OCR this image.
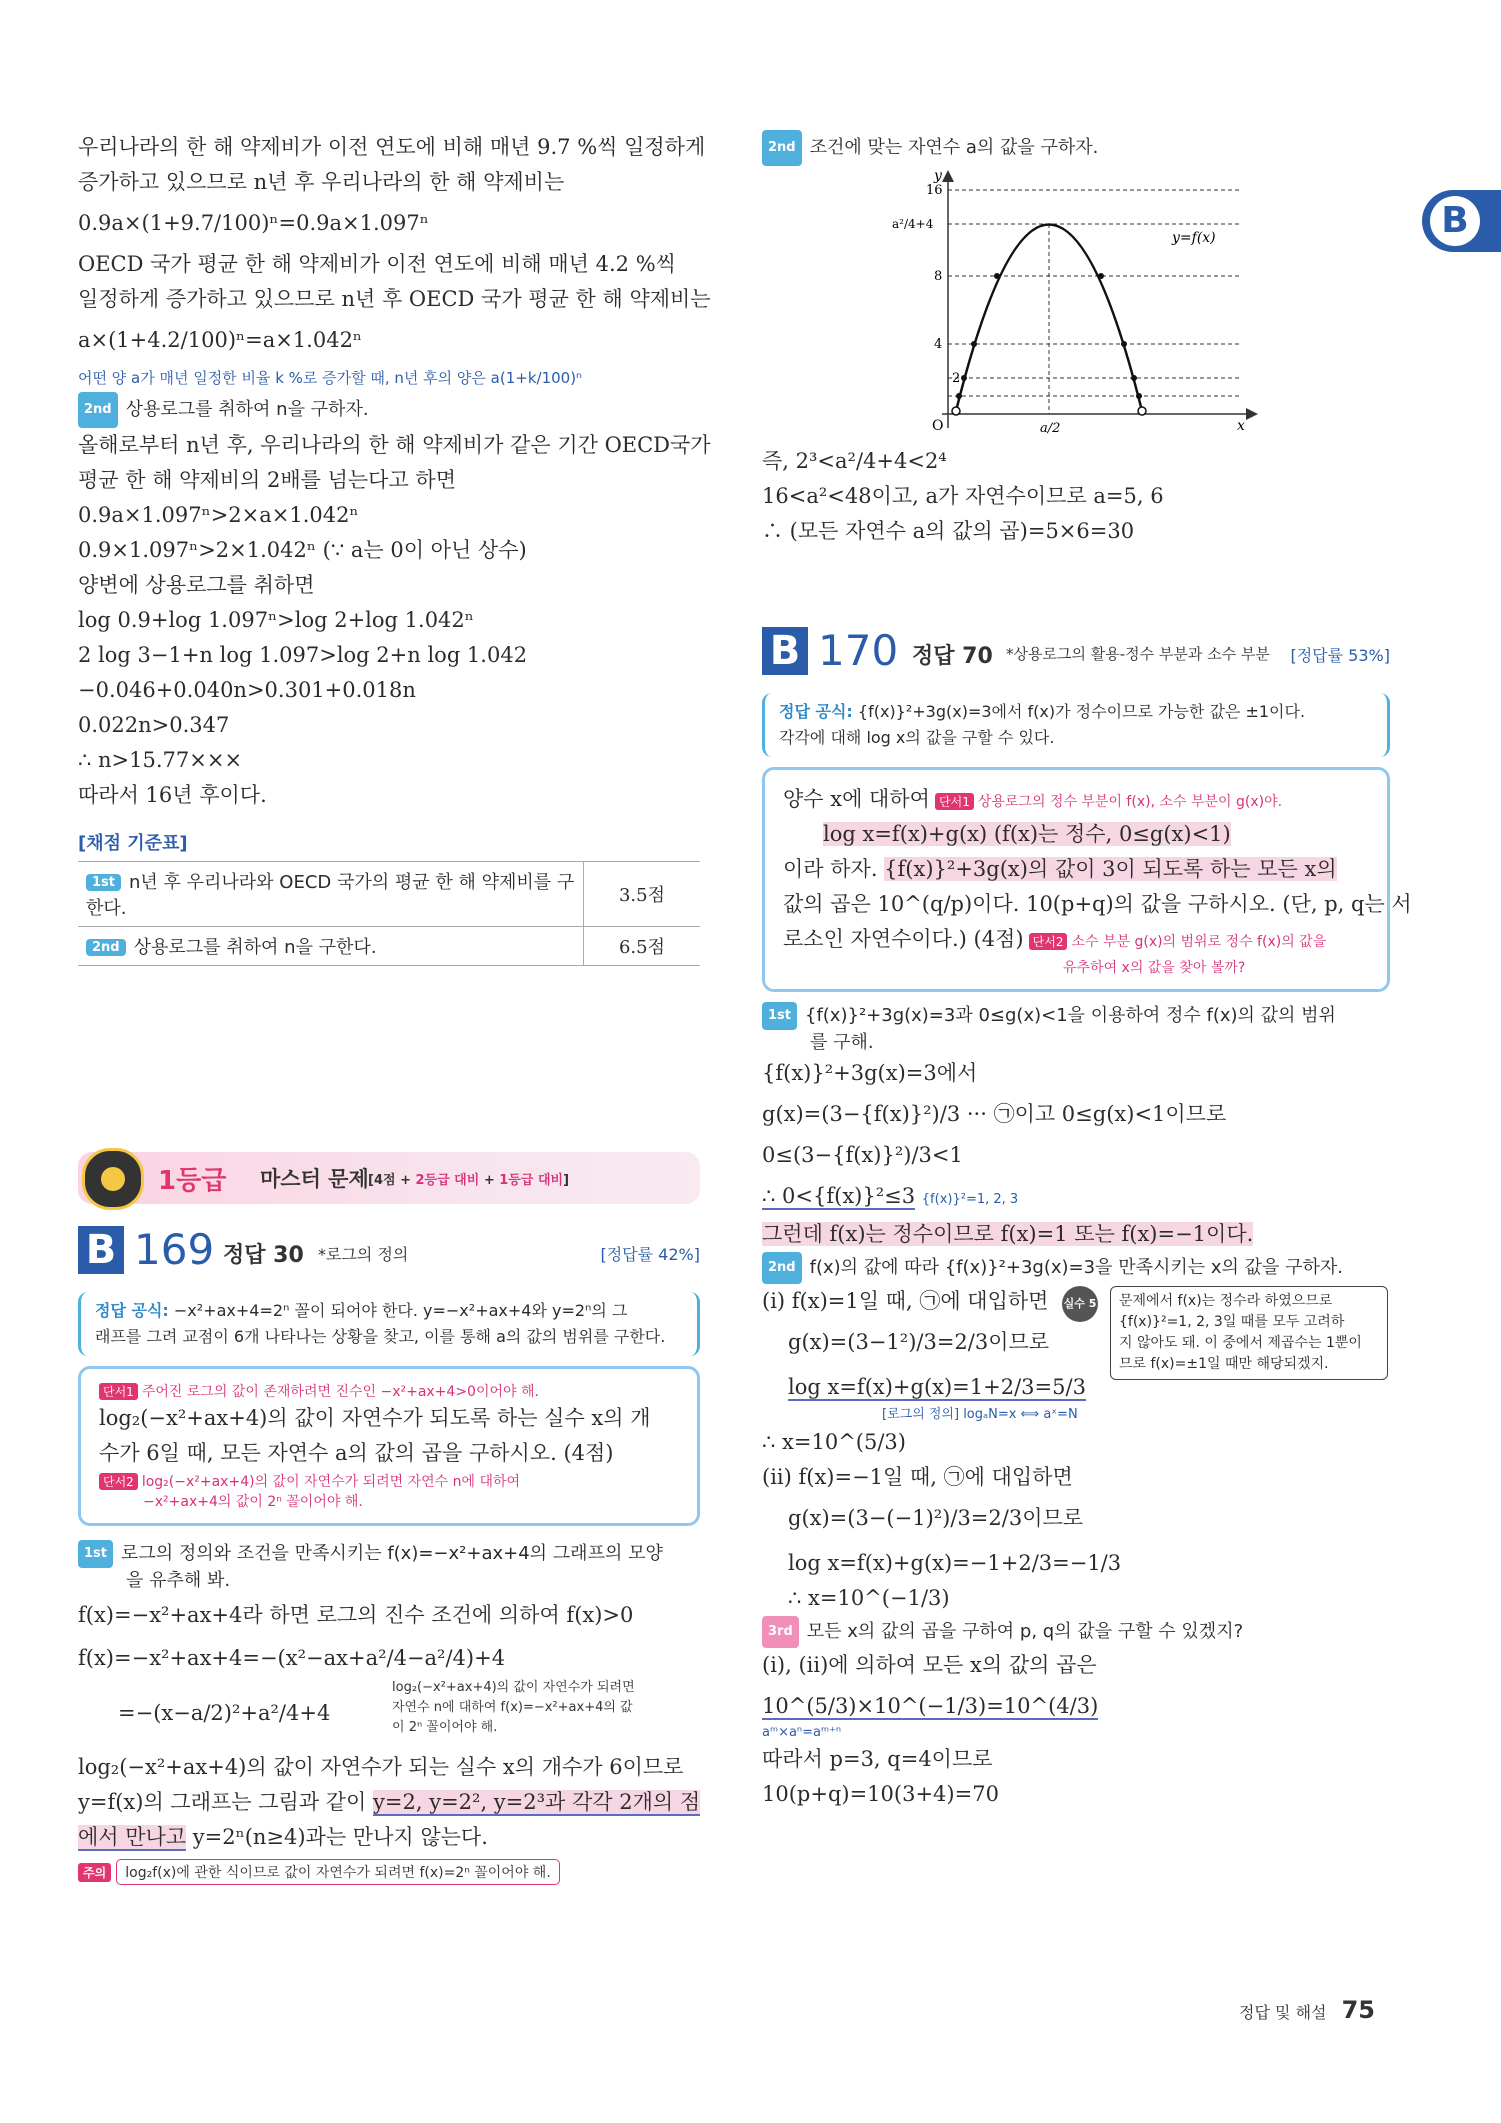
B
우리나라의 한 해 약제비가 이전 연도에 비해 매년 9.7 %씩 일정하게
증가하고 있으므로 n년 후 우리나라의 한 해 약제비는
0.9a×(1+9.7/100)ⁿ=0.9a×1.097ⁿ
OECD 국가 평균 한 해 약제비가 이전 연도에 비해 매년 4.2 %씩
일정하게 증가하고 있으므로 n년 후 OECD 국가 평균 한 해 약제비는
a×(1+4.2/100)ⁿ=a×1.042ⁿ
어떤 양 a가 매년 일정한 비율 k %로 증가할 때, n년 후의 양은 a(1+k/100)ⁿ
2nd 상용로그를 취하여 n을 구하자.
올해로부터 n년 후, 우리나라의 한 해 약제비가 같은 기간 OECD국가
평균 한 해 약제비의 2배를 넘는다고 하면
0.9a×1.097ⁿ>2×a×1.042ⁿ
0.9×1.097ⁿ>2×1.042ⁿ (∵ a는 0이 아닌 상수)
양변에 상용로그를 취하면
log 0.9+log 1.097ⁿ>log 2+log 1.042ⁿ
2 log 3−1+n log 1.097>log 2+n log 1.042
−0.046+0.040n>0.301+0.018n
0.022n>0.347
∴ n>15.77×××
따라서 16년 후이다.
[채점 기준표]
1st n년 후 우리나라와 OECD 국가의 평균 한 해 약제비를 구한다.	3.5점
2nd 상용로그를 취하여 n을 구한다.	6.5점
1등급 마스터 문제 [4점 + 2등급 대비 + 1등급 대비]
B 169 정답 30 *로그의 정의	[정답률 42%]
정답 공식: −x²+ax+4=2ⁿ 꼴이 되어야 한다. y=−x²+ax+4와 y=2ⁿ의 그
래프를 그려 교점이 6개 나타나는 상황을 찾고, 이를 통해 a의 값의 범위를 구한다.
단서1 주어진 로그의 값이 존재하려면 진수인 −x²+ax+4>0이어야 해.
log₂(−x²+ax+4)의 값이 자연수가 되도록 하는 실수 x의 개
수가 6일 때, 모든 자연수 a의 값의 곱을 구하시오. (4점)
단서2 log₂(−x²+ax+4)의 값이 자연수가 되려면 자연수 n에 대하여
−x²+ax+4의 값이 2ⁿ 꼴이어야 해.
1st 로그의 정의와 조건을 만족시키는 f(x)=−x²+ax+4의 그래프의 모양
을 유추해 봐.
f(x)=−x²+ax+4라 하면 로그의 진수 조건에 의하여 f(x)>0
f(x)=−x²+ax+4=−(x²−ax+a²/4−a²/4)+4
=−(x−a/2)²+a²/4+4
log₂(−x²+ax+4)의 값이 자연수가 되려면
자연수 n에 대하여 f(x)=−x²+ax+4의 값
이 2ⁿ 꼴이어야 해.
log₂(−x²+ax+4)의 값이 자연수가 되는 실수 x의 개수가 6이므로
y=f(x)의 그래프는 그림과 같이 y=2, y=2², y=2³과 각각 2개의 점
에서 만나고 y=2ⁿ(n≥4)과는 만나지 않는다.
주의 log₂f(x)에 관한 식이므로 값이 자연수가 되려면 f(x)=2ⁿ 꼴이어야 해.
2nd 조건에 맞는 자연수 a의 값을 구하자.
y
x
O
16
a²/4+4
8
4
2
a/2
y=f(x)
즉, 2³<a²/4+4<2⁴
16<a²<48이고, a가 자연수이므로 a=5, 6
∴ (모든 자연수 a의 값의 곱)=5×6=30
B 170 정답 70 *상용로그의 활용-정수 부분과 소수 부분 [정답률 53%]
정답 공식: {f(x)}²+3g(x)=3에서 f(x)가 정수이므로 가능한 값은 ±1이다.
각각에 대해 log x의 값을 구할 수 있다.
양수 x에 대하여 단서1 상용로그의 정수 부분이 f(x), 소수 부분이 g(x)야.
log x=f(x)+g(x) (f(x)는 정수, 0≤g(x)<1)
이라 하자. {f(x)}²+3g(x)의 값이 3이 되도록 하는 모든 x의
값의 곱은 10^(q/p)이다. 10(p+q)의 값을 구하시오. (단, p, q는 서
로소인 자연수이다.) (4점) 단서2 소수 부분 g(x)의 범위로 정수 f(x)의 값을
유추하여 x의 값을 찾아 볼까?
1st {f(x)}²+3g(x)=3과 0≤g(x)<1을 이용하여 정수 f(x)의 값의 범위
를 구해.
{f(x)}²+3g(x)=3에서
g(x)=(3−{f(x)}²)/3 ··· ㉠이고 0≤g(x)<1이므로
0≤(3−{f(x)}²)/3<1
∴ 0<{f(x)}²≤3 {f(x)}²=1, 2, 3
그런데 f(x)는 정수이므로 f(x)=1 또는 f(x)=−1이다.
2nd f(x)의 값에 따라 {f(x)}²+3g(x)=3을 만족시키는 x의 값을 구하자.
(i) f(x)=1일 때, ㉠에 대입하면
g(x)=(3−1²)/3=2/3이므로
log x=f(x)+g(x)=1+2/3=5/3
[로그의 정의] logₐN=x ⟺ aˣ=N
∴ x=10^(5/3)
실수 5 문제에서 f(x)는 정수라 하였으므로
{f(x)}²=1, 2, 3일 때를 모두 고려하
지 않아도 돼. 이 중에서 제곱수는 1뿐이
므로 f(x)=±1일 때만 해당되겠지.
(ii) f(x)=−1일 때, ㉠에 대입하면
g(x)=(3−(−1)²)/3=2/3이므로
log x=f(x)+g(x)=−1+2/3=−1/3
∴ x=10^(−1/3)
3rd 모든 x의 값의 곱을 구하여 p, q의 값을 구할 수 있겠지?
(i), (ii)에 의하여 모든 x의 값의 곱은
10^(5/3)×10^(−1/3)=10^(4/3)
aᵐ×aⁿ=aᵐ⁺ⁿ
따라서 p=3, q=4이므로
10(p+q)=10(3+4)=70
정답 및 해설 75
